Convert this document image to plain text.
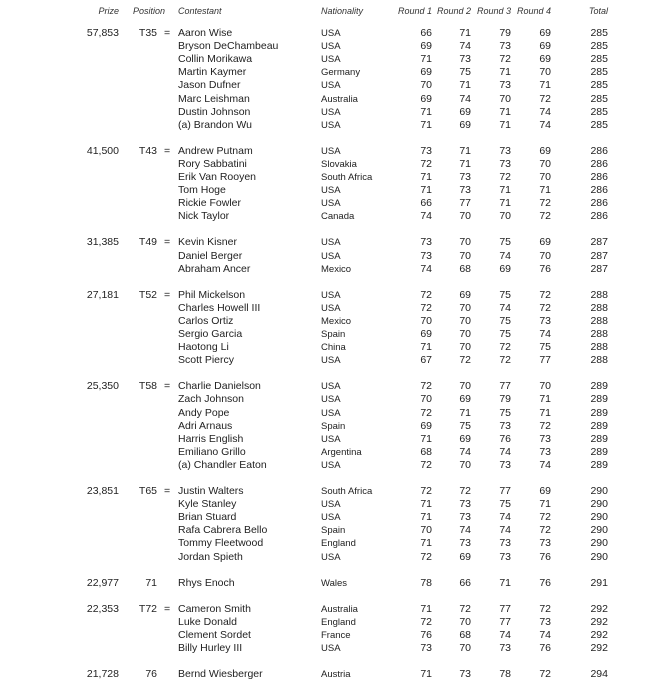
Prize Position Contestant	Nationality	Round 1 Round 2 Round 3 Round 4	Total
57,853 T35 = Aaron Wise	USA	66	71	79	69	285
Bryson DeChambeau	USA	69	74	73	69	285
Collin Morikawa	USA	71	73	72	69	285
Martin Kaymer	Germany	69	75	71	70	285
Jason Dufner	USA	70	71	73	71	285
Marc Leishman	Australia	69	74	70	72	285
Dustin Johnson	USA	71	69	71	74	285
(a) Brandon Wu	USA	71	69	71	74	285
41,500 T43 = Andrew Putnam	USA	73	71	73	69	286
Rory Sabbatini	Slovakia	72	71	73	70	286
Erik Van Rooyen	South Africa	71	73	72	70	286
Tom Hoge	USA	71	73	71	71	286
Rickie Fowler	USA	66	77	71	72	286
Nick Taylor	Canada	74	70	70	72	286
31,385 T49 = Kevin Kisner	USA	73	70	75	69	287
Daniel Berger	USA	73	70	74	70	287
Abraham Ancer	Mexico	74	68	69	76	287
27,181 T52 = Phil Mickelson	USA	72	69	75	72	288
Charles Howell III	USA	72	70	74	72	288
Carlos Ortiz	Mexico	70	70	75	73	288
Sergio Garcia	Spain	69	70	75	74	288
Haotong Li	China	71	70	72	75	288
Scott Piercy	USA	67	72	72	77	288
25,350 T58 = Charlie Danielson	USA	72	70	77	70	289
Zach Johnson	USA	70	69	79	71	289
Andy Pope	USA	72	71	75	71	289
Adri Arnaus	Spain	69	75	73	72	289
Harris English	USA	71	69	76	73	289
Emiliano Grillo	Argentina	68	74	74	73	289
(a) Chandler Eaton	USA	72	70	73	74	289
23,851 T65 = Justin Walters	South Africa	72	72	77	69	290
Kyle Stanley	USA	71	73	75	71	290
Brian Stuard	USA	71	73	74	72	290
Rafa Cabrera Bello	Spain	70	74	74	72	290
Tommy Fleetwood	England	71	73	73	73	290
Jordan Spieth	USA	72	69	73	76	290
22,977	71 Rhys Enoch	Wales	78	66	71	76	291
22,353 T72 = Cameron Smith	Australia	71	72	77	72	292
Luke Donald	England	72	70	77	73	292
Clement Sordet	France	76	68	74	74	292
Billy Hurley III	USA	73	70	73	76	292
21,728	76 Bernd Wiesberger	Austria	71	73	78	72	294
